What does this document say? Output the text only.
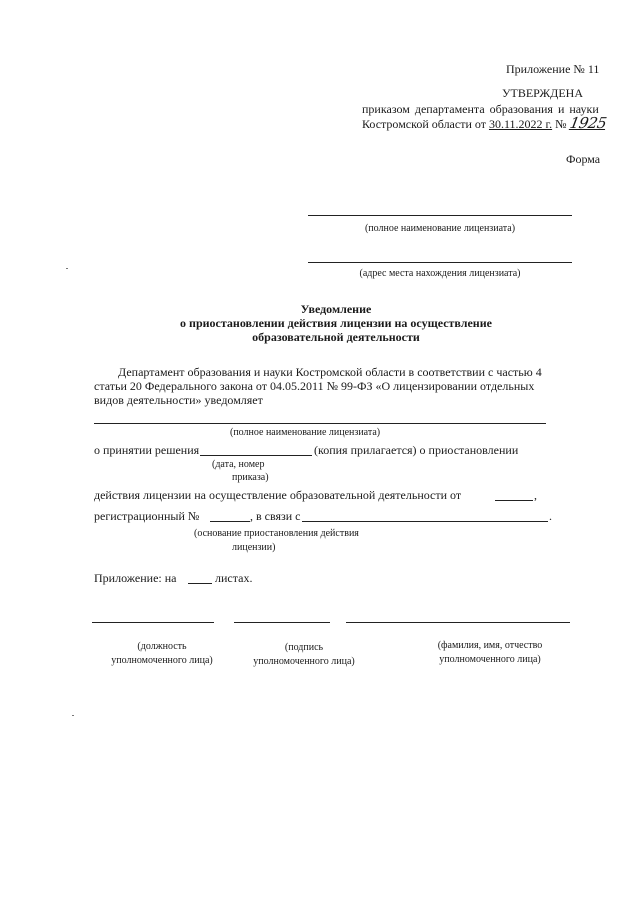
Приложение № 11
УТВЕРЖДЕНА
приказом департамента образования и науки
Костромской области от 30.11.2022 г. № 1925
Форма
(полное наименование лицензиата)
(адрес места нахождения лицензиата)
Уведомление
о приостановлении действия лицензии на осуществление
образовательной деятельности
Департамент образования и науки Костромской области в соответствии с частью 4
статьи 20 Федерального закона от 04.05.2011 № 99-ФЗ «О лицензировании отдельных
видов деятельности» уведомляет
(полное наименование лицензиата)
о принятии решения	(копия прилагается) о приостановлении
(дата, номер
приказа)
действия лицензии на осуществление образовательной деятельности от	,
регистрационный №	, в связи с	.
(основание приостановления действия
лицензии)
Приложение: на	листах.
(должность
уполномоченного лица)
(подпись
уполномоченного лица)
(фамилия, имя, отчество
уполномоченного лица)
